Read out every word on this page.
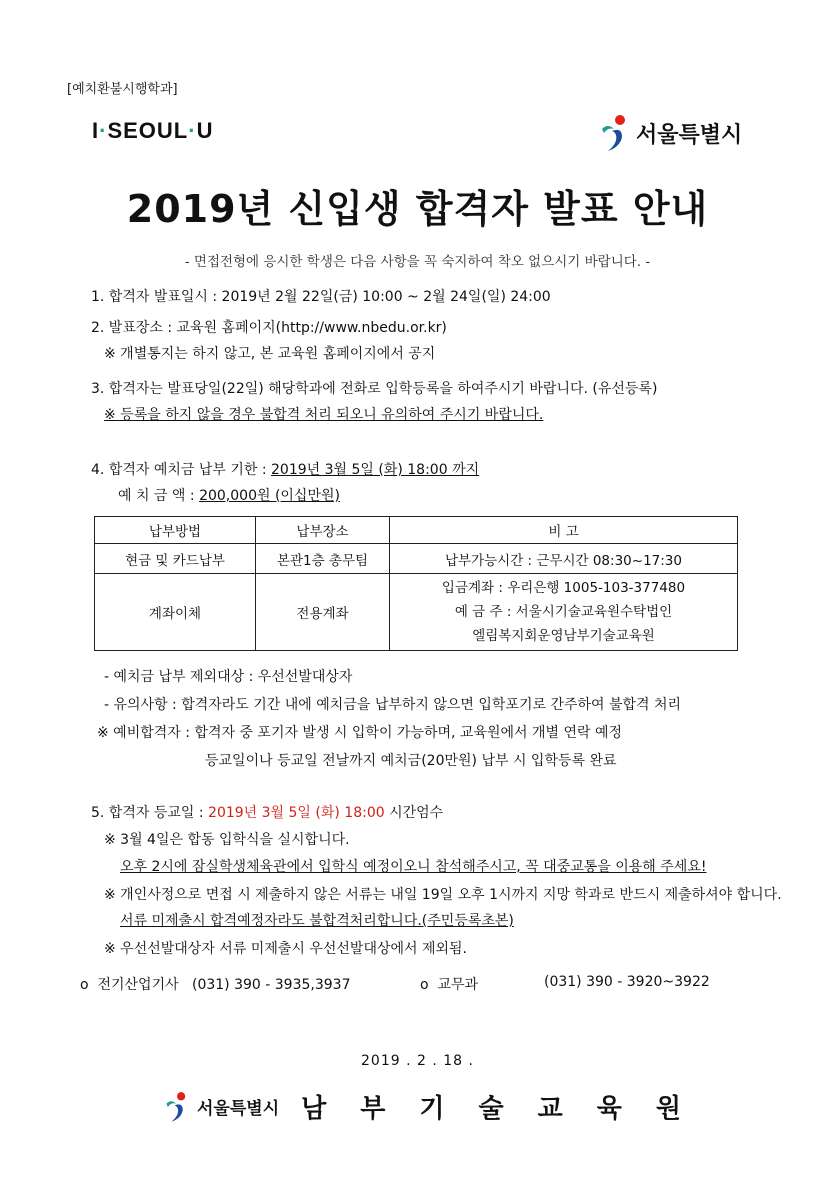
[예치환불시행학과]
I·SEOUL·U	서울특별시
2019년 신입생 합격자 발표 안내
- 면접전형에 응시한 학생은 다음 사항을 꼭 숙지하여 착오 없으시기 바랍니다. -
1. 합격자 발표일시 : 2019년 2월 22일(금) 10:00 ~ 2월 24일(일) 24:00
2. 발표장소 : 교육원 홈페이지(http://www.nbedu.or.kr)
※ 개별통지는 하지 않고, 본 교육원 홈페이지에서 공지
3. 합격자는 발표당일(22일) 해당학과에 전화로 입학등록을 하여주시기 바랍니다. (유선등록)
※ 등록을 하지 않을 경우 불합격 처리 되오니 유의하여 주시기 바랍니다.
4. 합격자 예치금 납부 기한 : 2019년 3월 5일 (화) 18:00 까지
예 치 금 액 : 200,000원 (이십만원)
납부방법	납부장소	비 고
현금 및 카드납부	본관1층 총무팀	납부가능시간 : 근무시간 08:30~17:30
계좌이체	전용계좌	입금계좌 : 우리은행 1005-103-377480
예 금 주 : 서울시기술교육원수탁법인
엘림복지회운영남부기술교육원
- 예치금 납부 제외대상 : 우선선발대상자
- 유의사항 : 합격자라도 기간 내에 예치금을 납부하지 않으면 입학포기로 간주하여 불합격 처리
※ 예비합격자 : 합격자 중 포기자 발생 시 입학이 가능하며, 교육원에서 개별 연락 예정
등교일이나 등교일 전날까지 예치금(20만원) 납부 시 입학등록 완료
5. 합격자 등교일 : 2019년 3월 5일 (화) 18:00 시간엄수
※ 3월 4일은 합동 입학식을 실시합니다.
오후 2시에 잠실학생체육관에서 입학식 예정이오니 참석해주시고, 꼭 대중교통을 이용해 주세요!
※ 개인사정으로 면접 시 제출하지 않은 서류는 내일 19일 오후 1시까지 지망 학과로 반드시 제출하셔야 합니다.
서류 미제출시 합격예정자라도 불합격처리합니다.(주민등록초본)
※ 우선선발대상자 서류 미제출시 우선선발대상에서 제외됨.
o 전기산업기사 (031) 390 - 3935,3937	o 교무과	(031) 390 - 3920~3922
2019 . 2 . 18 .
서울특별시 남부기술교육원
